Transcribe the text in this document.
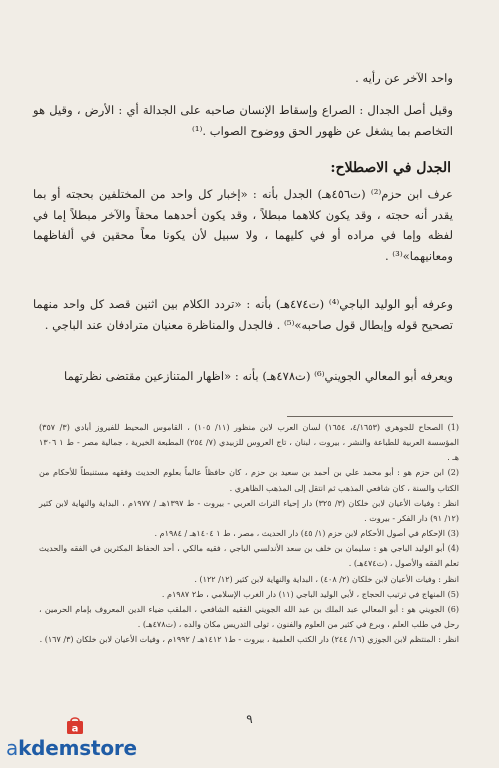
واحد الآخر عن رأيه .
وقيل أصل الجدال : الصراع وإسقاط الإنسان صاحبه على الجدالة أي : الأرض ، وقيل هو التخاصم بما يشغل عن ظهور الحق ووضوح الصواب .⁽¹⁾
الجدل في الاصطلاح:
عرف ابن حزم⁽²⁾ (ت٤٥٦هـ) الجدل بأنه : «إخبار كل واحد من المختلفين بحجته أو بما يقدر أنه حجته ، وقد يكون كلاهما مبطلاً ، وقد يكون أحدهما محقاً والآخر مبطلاً إما في لفظه وإما في مراده أو في كليهما ، ولا سبيل لأن يكونا معاً محقين في ألفاظهما ومعانيهما»⁽³⁾ .
وعرفه أبو الوليد الباجي⁽⁴⁾ (ت٤٧٤هـ) بأنه : «تردد الكلام بين اثنين قصد كل واحد منهما تصحيح قوله وإبطال قول صاحبه»⁽⁵⁾ . فالجدل والمناظرة معنيان مترادفان عند الباجي .
ويعرفه أبو المعالي الجويني⁽⁶⁾ (ت٤٧٨هـ) بأنه : «اظهار المتنازعين مقتضى نظرتهما
(1) الصحاح للجوهري (٤/١٦٥٣، ١٦٥٤) لسان العرب لابن منظور (١١/ ١٠٥) ، القاموس المحيط للفيروز أبادي (٣/ ٣٥٧) المؤسسة العربية للطباعة والنشر ، بيروت ، لبنان ، تاج العروس للزبيدي (٧/ ٢٥٤) المطبعة الخيرية ، جمالية مصر - ط ١ ١٣٠٦ هـ .
(2) ابن حزم هو : أبو محمد علي بن أحمد بن سعيد بن حزم ، كان حافظاً عالماً بعلوم الحديث وفقهه مستنبطاً للأحكام من الكتاب والسنة ، كان شافعي المذهب ثم انتقل إلى المذهب الظاهري .
انظر : وفيات الأعيان لابن خلكان (٣/ ٣٢٥) دار إحياء التراث العربي - بيروت - ط ١٣٩٧هـ / ١٩٧٧م ، البداية والنهاية لابن كثير (١٢/ ٩١) دار الفكر - بيروت .
(3) الإحكام في أصول الأحكام لابن حزم (١/ ٤٥) دار الحديث ، مصر ، ط ١ ١٤٠٤هـ / ١٩٨٤م .
(4) أبو الوليد الباجي هو : سليمان بن خلف بن سعد الأندلسي الباجي ، فقيه مالكي ، أحد الحفاظ المكثرين في الفقه والحديث تعلم الفقه والأصول ، (ت٤٧٤هـ) .
انظر : وفيات الأعيان لابن خلكان (٢/ ٤٠٨) ، البداية والنهاية لابن كثير (١٢/ ١٢٢) .
(5) المنهاج في ترتيب الحجاج ، لأبي الوليد الباجي (١١) دار الغرب الإسلامي ، ط٢ ١٩٨٧م .
(6) الجويني هو : أبو المعالي عبد الملك بن عبد الله الجويني الفقيه الشافعي ، الملقب ضياء الدين المعروف بإمام الحرمين ، رحل في طلب العلم ، وبرع في كثير من العلوم والفنون ، تولى التدريس مكان والده ، (ت٤٧٨هـ) .
انظر : المنتظم لابن الجوزي (١٦/ ٢٤٤) دار الكتب العلمية ، بيروت - ط١ ١٤١٢هـ / ١٩٩٢م ، وفيات الأعيان لابن خلكان (٣/ ١٦٧) .
٩
a
akdemstore
